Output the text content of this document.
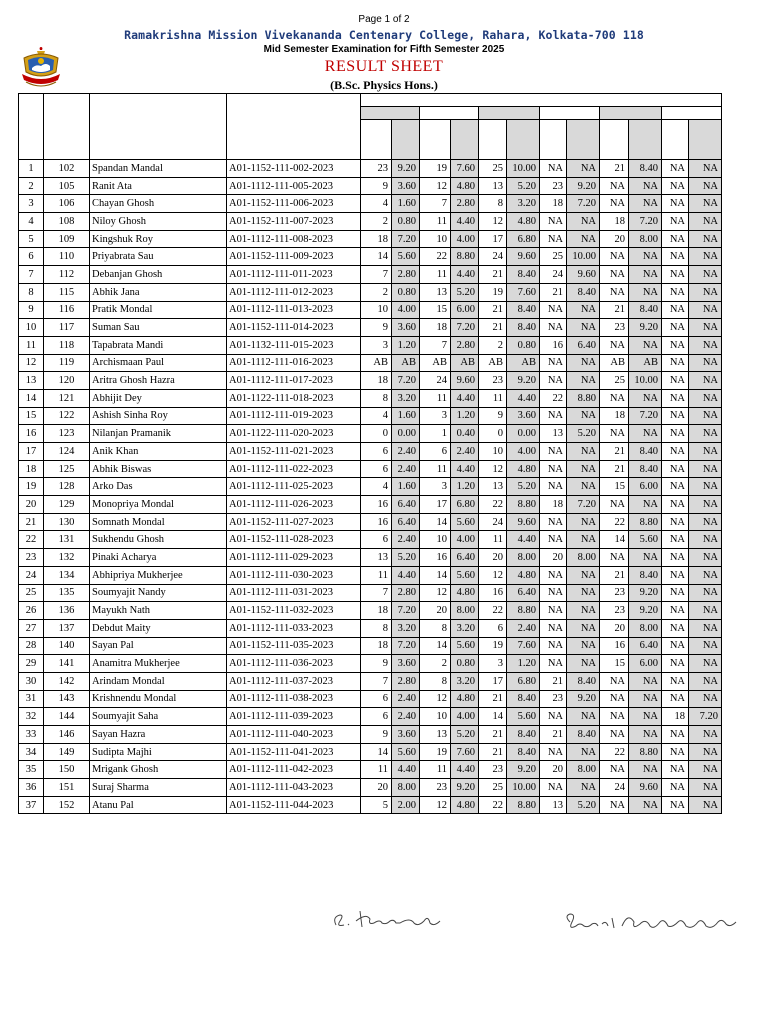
Page 1 of 2
Ramakrishna Mission Vivekananda Centenary College, Rahara, Kolkata-700 118
Mid Semester Examination for Fifth Semester 2025
RESULT SHEET
(B.Sc. Physics Hons.)

1	102	Spandan Mandal	A01-1152-111-002-2023	23	9.20	19	7.60	25	10.00	NA	NA	21	8.40	NA	NA
2	105	Ranit Ata	A01-1112-111-005-2023	9	3.60	12	4.80	13	5.20	23	9.20	NA	NA	NA	NA
3	106	Chayan Ghosh	A01-1152-111-006-2023	4	1.60	7	2.80	8	3.20	18	7.20	NA	NA	NA	NA
4	108	Niloy Ghosh	A01-1152-111-007-2023	2	0.80	11	4.40	12	4.80	NA	NA	18	7.20	NA	NA
5	109	Kingshuk Roy	A01-1112-111-008-2023	18	7.20	10	4.00	17	6.80	NA	NA	20	8.00	NA	NA
6	110	Priyabrata Sau	A01-1152-111-009-2023	14	5.60	22	8.80	24	9.60	25	10.00	NA	NA	NA	NA
7	112	Debanjan Ghosh	A01-1112-111-011-2023	7	2.80	11	4.40	21	8.40	24	9.60	NA	NA	NA	NA
8	115	Abhik Jana	A01-1112-111-012-2023	2	0.80	13	5.20	19	7.60	21	8.40	NA	NA	NA	NA
9	116	Pratik Mondal	A01-1112-111-013-2023	10	4.00	15	6.00	21	8.40	NA	NA	21	8.40	NA	NA
10	117	Suman Sau	A01-1152-111-014-2023	9	3.60	18	7.20	21	8.40	NA	NA	23	9.20	NA	NA
11	118	Tapabrata Mandi	A01-1132-111-015-2023	3	1.20	7	2.80	2	0.80	16	6.40	NA	NA	NA	NA
12	119	Archismaan Paul	A01-1112-111-016-2023	AB	AB	AB	AB	AB	AB	NA	NA	AB	AB	NA	NA
13	120	Aritra Ghosh Hazra	A01-1112-111-017-2023	18	7.20	24	9.60	23	9.20	NA	NA	25	10.00	NA	NA
14	121	Abhijit Dey	A01-1122-111-018-2023	8	3.20	11	4.40	11	4.40	22	8.80	NA	NA	NA	NA
15	122	Ashish Sinha Roy	A01-1112-111-019-2023	4	1.60	3	1.20	9	3.60	NA	NA	18	7.20	NA	NA
16	123	Nilanjan Pramanik	A01-1122-111-020-2023	0	0.00	1	0.40	0	0.00	13	5.20	NA	NA	NA	NA
17	124	Anik Khan	A01-1152-111-021-2023	6	2.40	6	2.40	10	4.00	NA	NA	21	8.40	NA	NA
18	125	Abhik Biswas	A01-1112-111-022-2023	6	2.40	11	4.40	12	4.80	NA	NA	21	8.40	NA	NA
19	128	Arko Das	A01-1112-111-025-2023	4	1.60	3	1.20	13	5.20	NA	NA	15	6.00	NA	NA
20	129	Monopriya Mondal	A01-1112-111-026-2023	16	6.40	17	6.80	22	8.80	18	7.20	NA	NA	NA	NA
21	130	Somnath Mondal	A01-1152-111-027-2023	16	6.40	14	5.60	24	9.60	NA	NA	22	8.80	NA	NA
22	131	Sukhendu Ghosh	A01-1152-111-028-2023	6	2.40	10	4.00	11	4.40	NA	NA	14	5.60	NA	NA
23	132	Pinaki Acharya	A01-1112-111-029-2023	13	5.20	16	6.40	20	8.00	20	8.00	NA	NA	NA	NA
24	134	Abhipriya Mukherjee	A01-1112-111-030-2023	11	4.40	14	5.60	12	4.80	NA	NA	21	8.40	NA	NA
25	135	Soumyajit Nandy	A01-1112-111-031-2023	7	2.80	12	4.80	16	6.40	NA	NA	23	9.20	NA	NA
26	136	Mayukh Nath	A01-1152-111-032-2023	18	7.20	20	8.00	22	8.80	NA	NA	23	9.20	NA	NA
27	137	Debdut Maity	A01-1112-111-033-2023	8	3.20	8	3.20	6	2.40	NA	NA	20	8.00	NA	NA
28	140	Sayan Pal	A01-1152-111-035-2023	18	7.20	14	5.60	19	7.60	NA	NA	16	6.40	NA	NA
29	141	Anamitra Mukherjee	A01-1112-111-036-2023	9	3.60	2	0.80	3	1.20	NA	NA	15	6.00	NA	NA
30	142	Arindam Mondal	A01-1112-111-037-2023	7	2.80	8	3.20	17	6.80	21	8.40	NA	NA	NA	NA
31	143	Krishnendu Mondal	A01-1112-111-038-2023	6	2.40	12	4.80	21	8.40	23	9.20	NA	NA	NA	NA
32	144	Soumyajit Saha	A01-1112-111-039-2023	6	2.40	10	4.00	14	5.60	NA	NA	NA	NA	18	7.20
33	146	Sayan Hazra	A01-1112-111-040-2023	9	3.60	13	5.20	21	8.40	21	8.40	NA	NA	NA	NA
34	149	Sudipta Majhi	A01-1152-111-041-2023	14	5.60	19	7.60	21	8.40	NA	NA	22	8.80	NA	NA
35	150	Mrigank Ghosh	A01-1112-111-042-2023	11	4.40	11	4.40	23	9.20	20	8.00	NA	NA	NA	NA
36	151	Suraj Sharma	A01-1112-111-043-2023	20	8.00	23	9.20	25	10.00	NA	NA	24	9.60	NA	NA
37	152	Atanu Pal	A01-1152-111-044-2023	5	2.00	12	4.80	22	8.80	13	5.20	NA	NA	NA	NA
